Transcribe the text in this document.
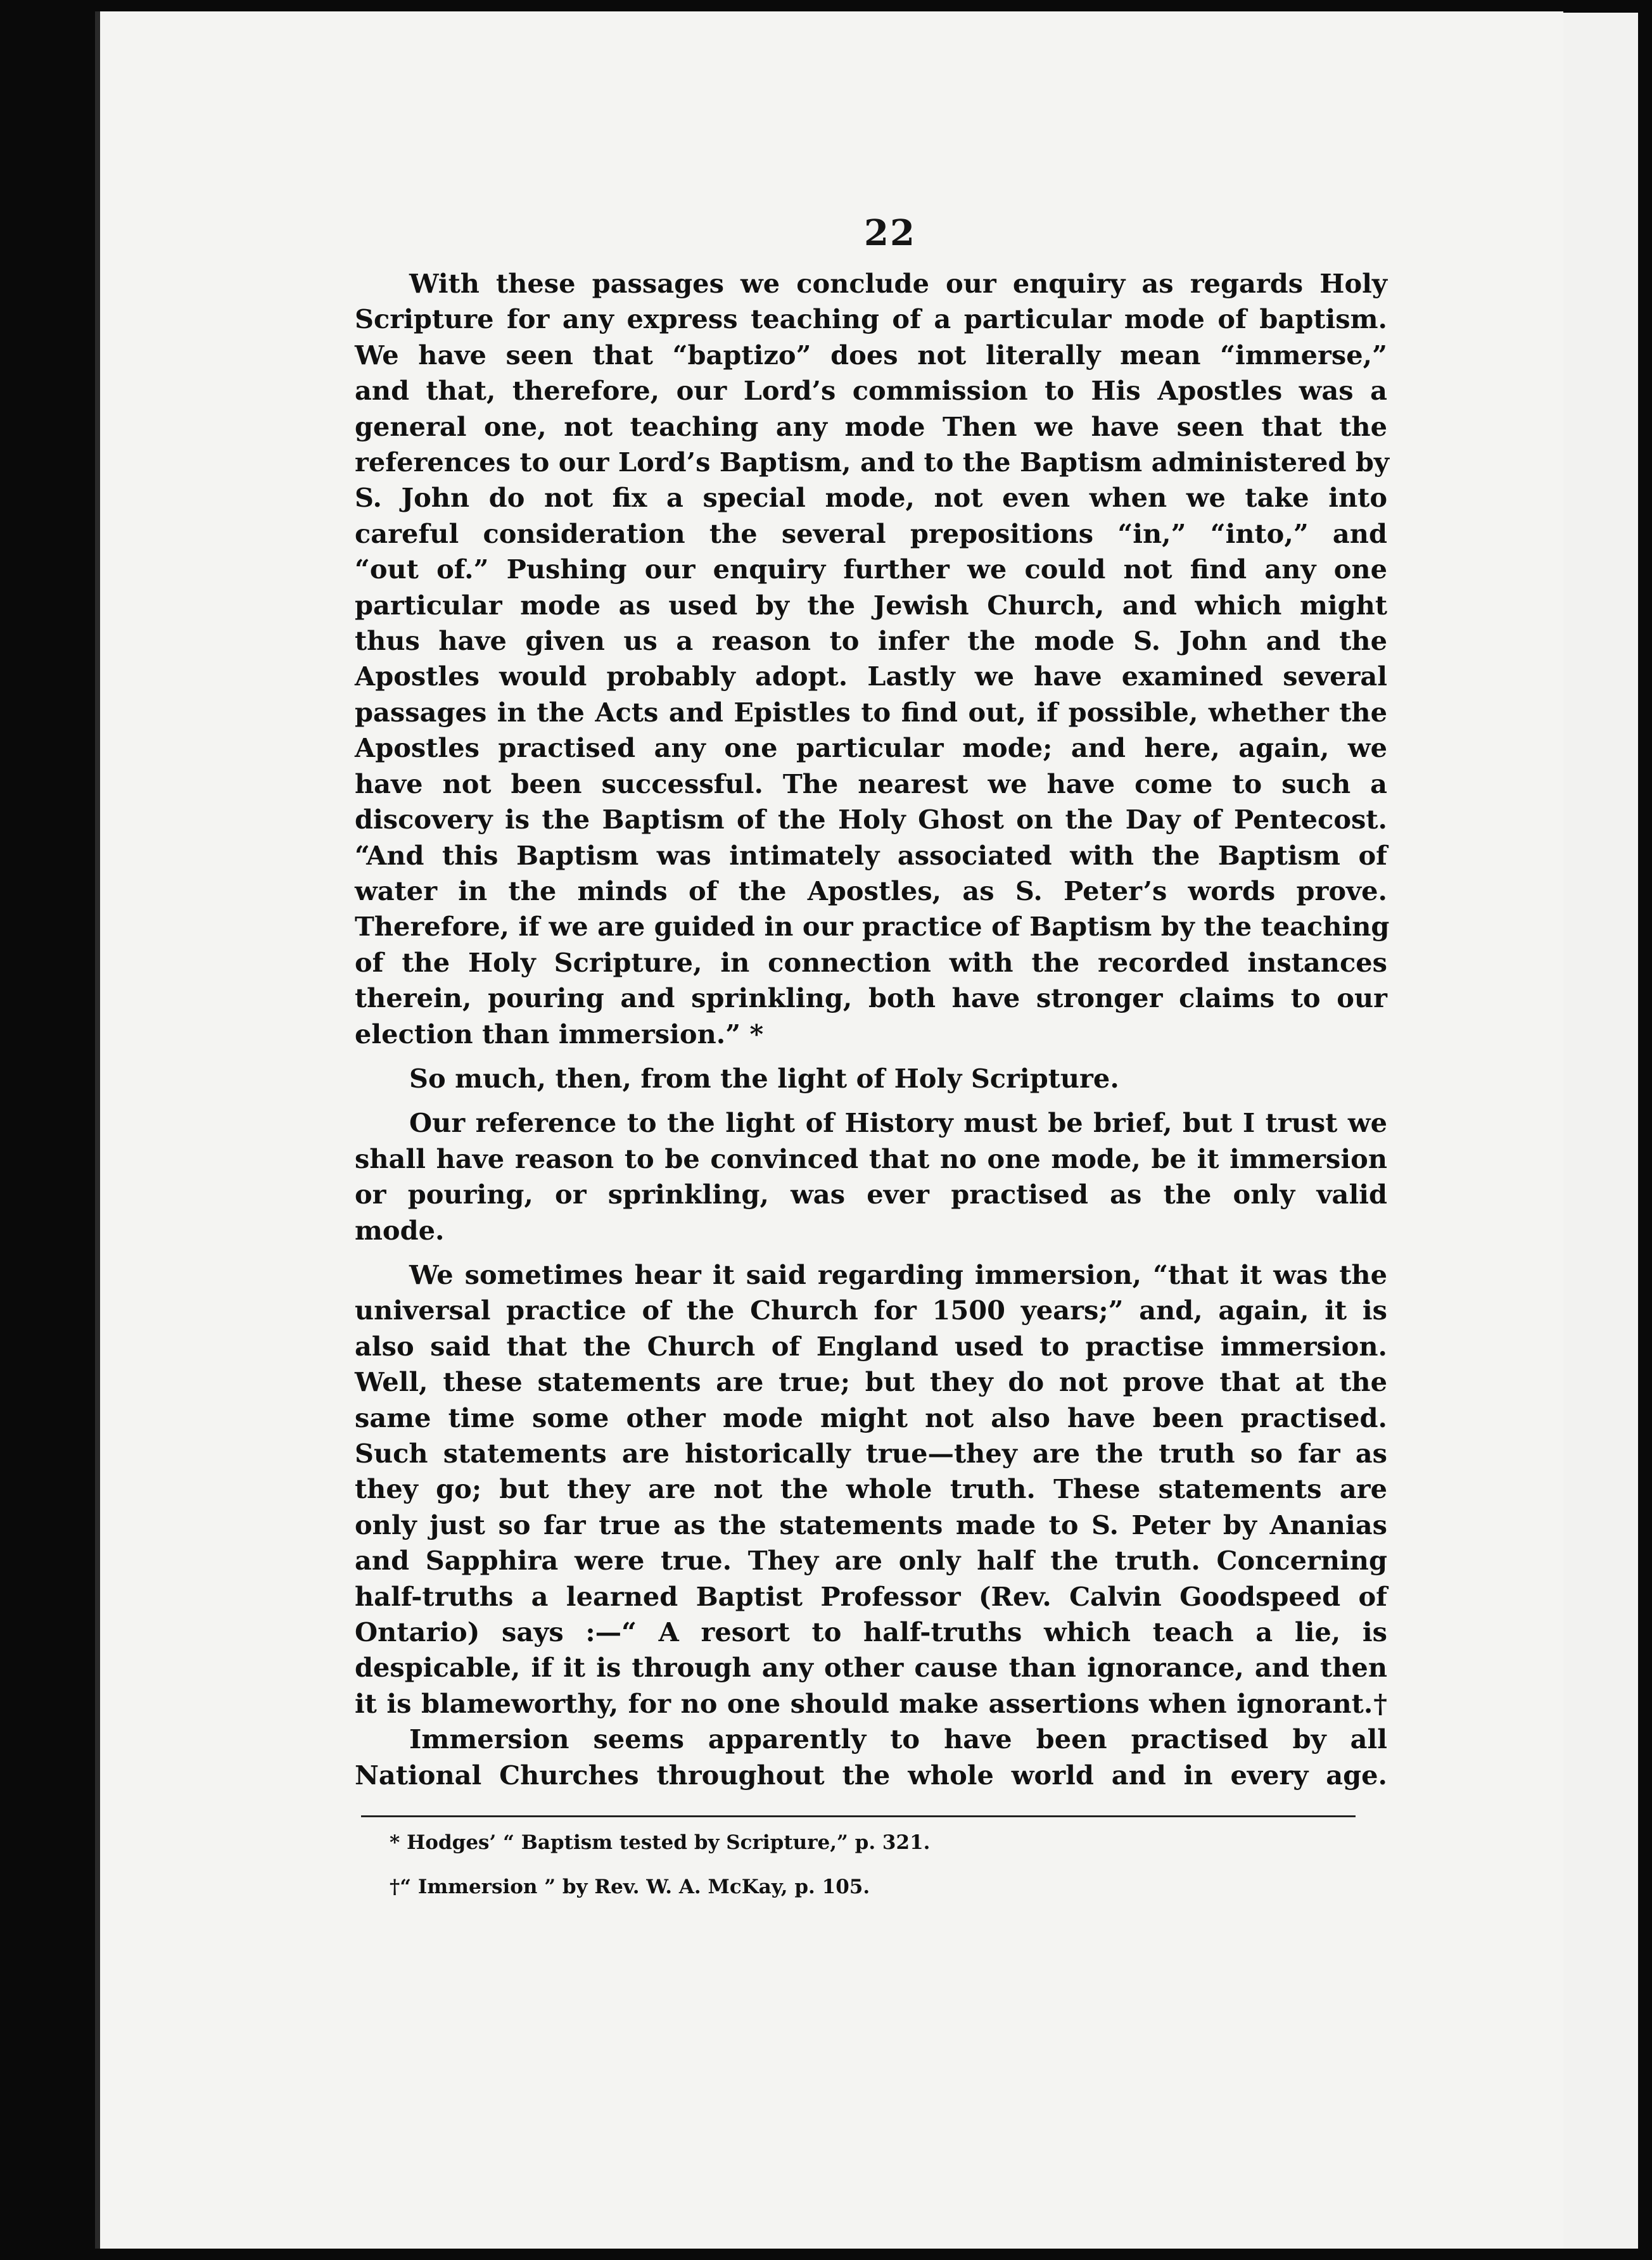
22
With these passages we conclude our enquiry as regards Holy
Scripture for any express teaching of a particular mode of baptism.
We have seen that “baptizo” does not literally mean “immerse,”
and that, therefore, our Lord’s commission to His Apostles was a
general one, not teaching any mode Then we have seen that the
references to our Lord’s Baptism, and to the Baptism administered by
S. John do not fix a special mode, not even when we take into
careful consideration the several prepositions “in,” “into,” and
“out of.” Pushing our enquiry further we could not find any one
particular mode as used by the Jewish Church, and which might
thus have given us a reason to infer the mode S. John and the
Apostles would probably adopt. Lastly we have examined several
passages in the Acts and Epistles to find out, if possible, whether the
Apostles practised any one particular mode; and here, again, we
have not been successful. The nearest we have come to such a
discovery is the Baptism of the Holy Ghost on the Day of Pentecost.
“And this Baptism was intimately associated with the Baptism of
water in the minds of the Apostles, as S. Peter’s words prove.
Therefore, if we are guided in our practice of Baptism by the teaching
of the Holy Scripture, in connection with the recorded instances
therein, pouring and sprinkling, both have stronger claims to our
election than immersion.” *
So much, then, from the light of Holy Scripture.
Our reference to the light of History must be brief, but I trust we
shall have reason to be convinced that no one mode, be it immersion
or pouring, or sprinkling, was ever practised as the only valid
mode.
We sometimes hear it said regarding immersion, “that it was the
universal practice of the Church for 1500 years;” and, again, it is
also said that the Church of England used to practise immersion.
Well, these statements are true; but they do not prove that at the
same time some other mode might not also have been practised.
Such statements are historically true—they are the truth so far as
they go; but they are not the whole truth. These statements are
only just so far true as the statements made to S. Peter by Ananias
and Sapphira were true. They are only half the truth. Concerning
half-truths a learned Baptist Professor (Rev. Calvin Goodspeed of
Ontario) says :—“ A resort to half-truths which teach a lie, is
despicable, if it is through any other cause than ignorance, and then
it is blameworthy, for no one should make assertions when ignorant.†
Immersion seems apparently to have been practised by all
National Churches throughout the whole world and in every age.
* Hodges’ “ Baptism tested by Scripture,” p. 321.
†“ Immersion ” by Rev. W. A. McKay, p. 105.
